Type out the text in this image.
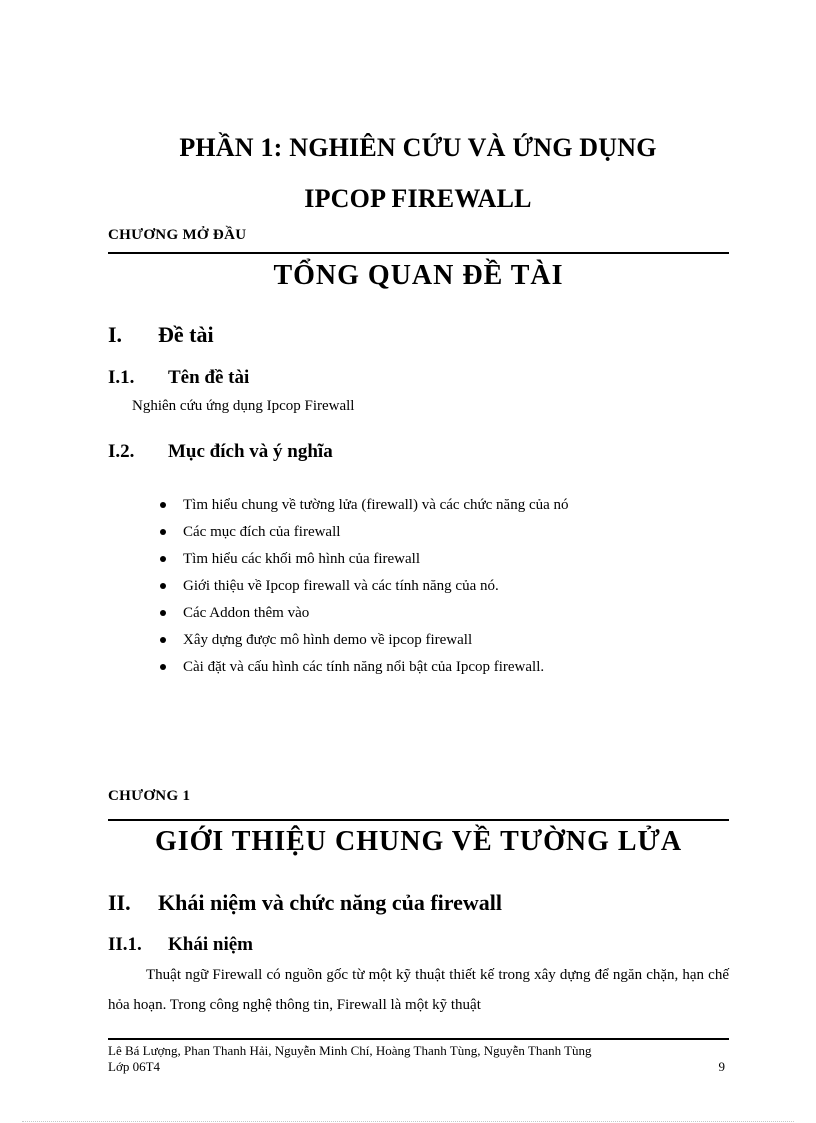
PHẦN 1: NGHIÊN CỨU VÀ ỨNG DỤNG
IPCOP FIREWALL
CHƯƠNG MỞ ĐẦU
TỔNG QUAN ĐỀ TÀI
I. Đề tài
I.1. Tên đề tài
Nghiên cứu ứng dụng Ipcop Firewall
I.2. Mục đích và ý nghĩa
Tìm hiểu chung về tường lửa (firewall) và các chức năng của nó
Các mục đích của firewall
Tìm hiểu các khối mô hình của firewall
Giới thiệu về Ipcop firewall và các tính năng của nó.
Các Addon thêm vào
Xây dựng được mô hình demo về ipcop firewall
Cài đặt và cấu hình các tính năng nổi bật của Ipcop firewall.
CHƯƠNG 1
GIỚI THIỆU CHUNG VỀ TƯỜNG LỬA
II. Khái niệm và chức năng của firewall
II.1. Khái niệm
Thuật ngữ Firewall có nguồn gốc từ một kỹ thuật thiết kế trong xây dựng để ngăn chặn, hạn chế hỏa hoạn. Trong công nghệ thông tin, Firewall là một kỹ thuật
Lê Bá Lượng, Phan Thanh Hải, Nguyễn Minh Chí, Hoàng Thanh Tùng, Nguyễn Thanh Tùng
Lớp 06T4	9
